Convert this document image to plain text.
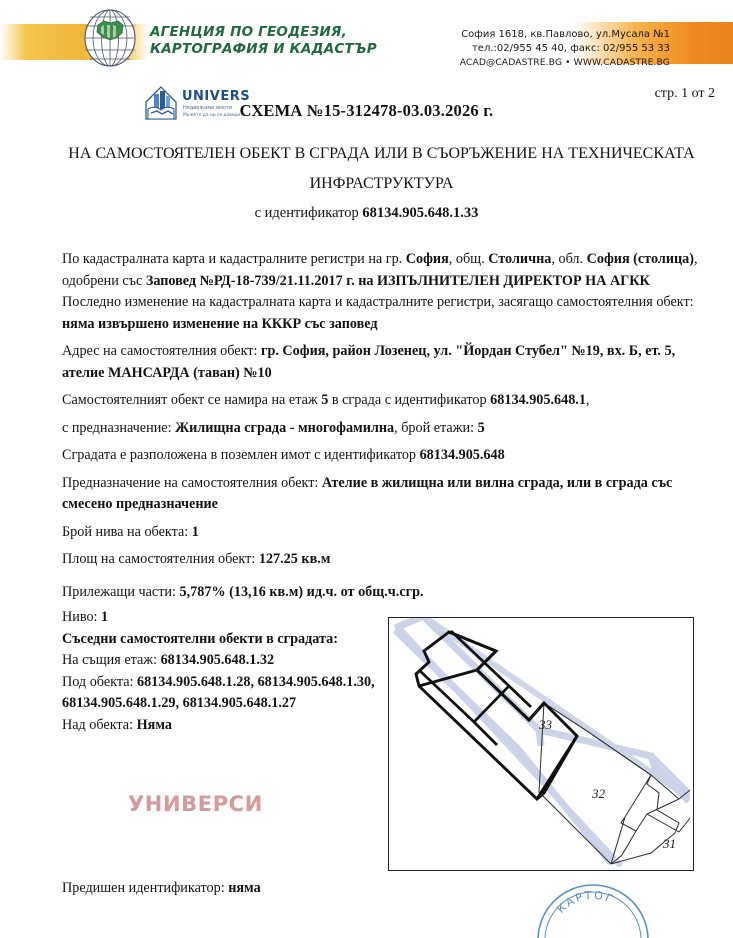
АГЕНЦИЯ ПО ГЕОДЕЗИЯ,
КАРТОГРАФИЯ И КАДАСТЪР
София 1618, кв.Павлово, ул.Мусала №1
тел.:02/955 45 40, факс: 02/955 53 33
ACAD@CADASTRE.BG • WWW.CADASTRE.BG
стр. 1 от 2
UNIVERSI
Недвижими имоти
Можете да ни се доверите
СХЕМА №15-312478-03.03.2026 г.
НА САМОСТОЯТЕЛЕН ОБЕКТ В СГРАДА ИЛИ В СЪОРЪЖЕНИЕ НА ТЕХНИЧЕСКАТА
ИНФРАСТРУКТУРА
с идентификатор 68134.905.648.1.33

По кадастралната карта и кадастралните регистри на гр. София, общ. Столична, обл. София (столица), одобрени със Заповед №РД-18-739/21.11.2017 г. на ИЗПЪЛНИТЕЛЕН ДИРЕКТОР НА АГКК

Последно изменение на кадастралната карта и кадастралните регистри, засягащо самостоятелния обект: няма извършено изменение на КККР със заповед

Адрес на самостоятелния обект: гр. София, район Лозенец, ул. "Йордан Стубел" №19, вх. Б, ет. 5, ателие МАНСАРДА (таван) №10

Самостоятелният обект се намира на етаж 5 в сграда с идентификатор 68134.905.648.1,

с предназначение: Жилищна сграда - многофамилна, брой етажи: 5

Сградата е разположена в поземлен имот с идентификатор 68134.905.648

Предназначение на самостоятелния обект: Ателие в жилищна или вилна сграда, или в сграда със смесено предназначение

Брой нива на обекта: 1

Площ на самостоятелния обект: 127.25 кв.м

Прилежащи части: 5,787% (13,16 кв.м) ид.ч. от общ.ч.сгр.

Ниво: 1

Съседни самостоятелни обекти в сградата:

На същия етаж: 68134.905.648.1.32

Под обекта: 68134.905.648.1.28, 68134.905.648.1.30, 68134.905.648.1.29, 68134.905.648.1.27

Над обекта: Няма

УНИВЕРСИ
33
32
31
КАРТОГ
Предишен идентификатор: няма
